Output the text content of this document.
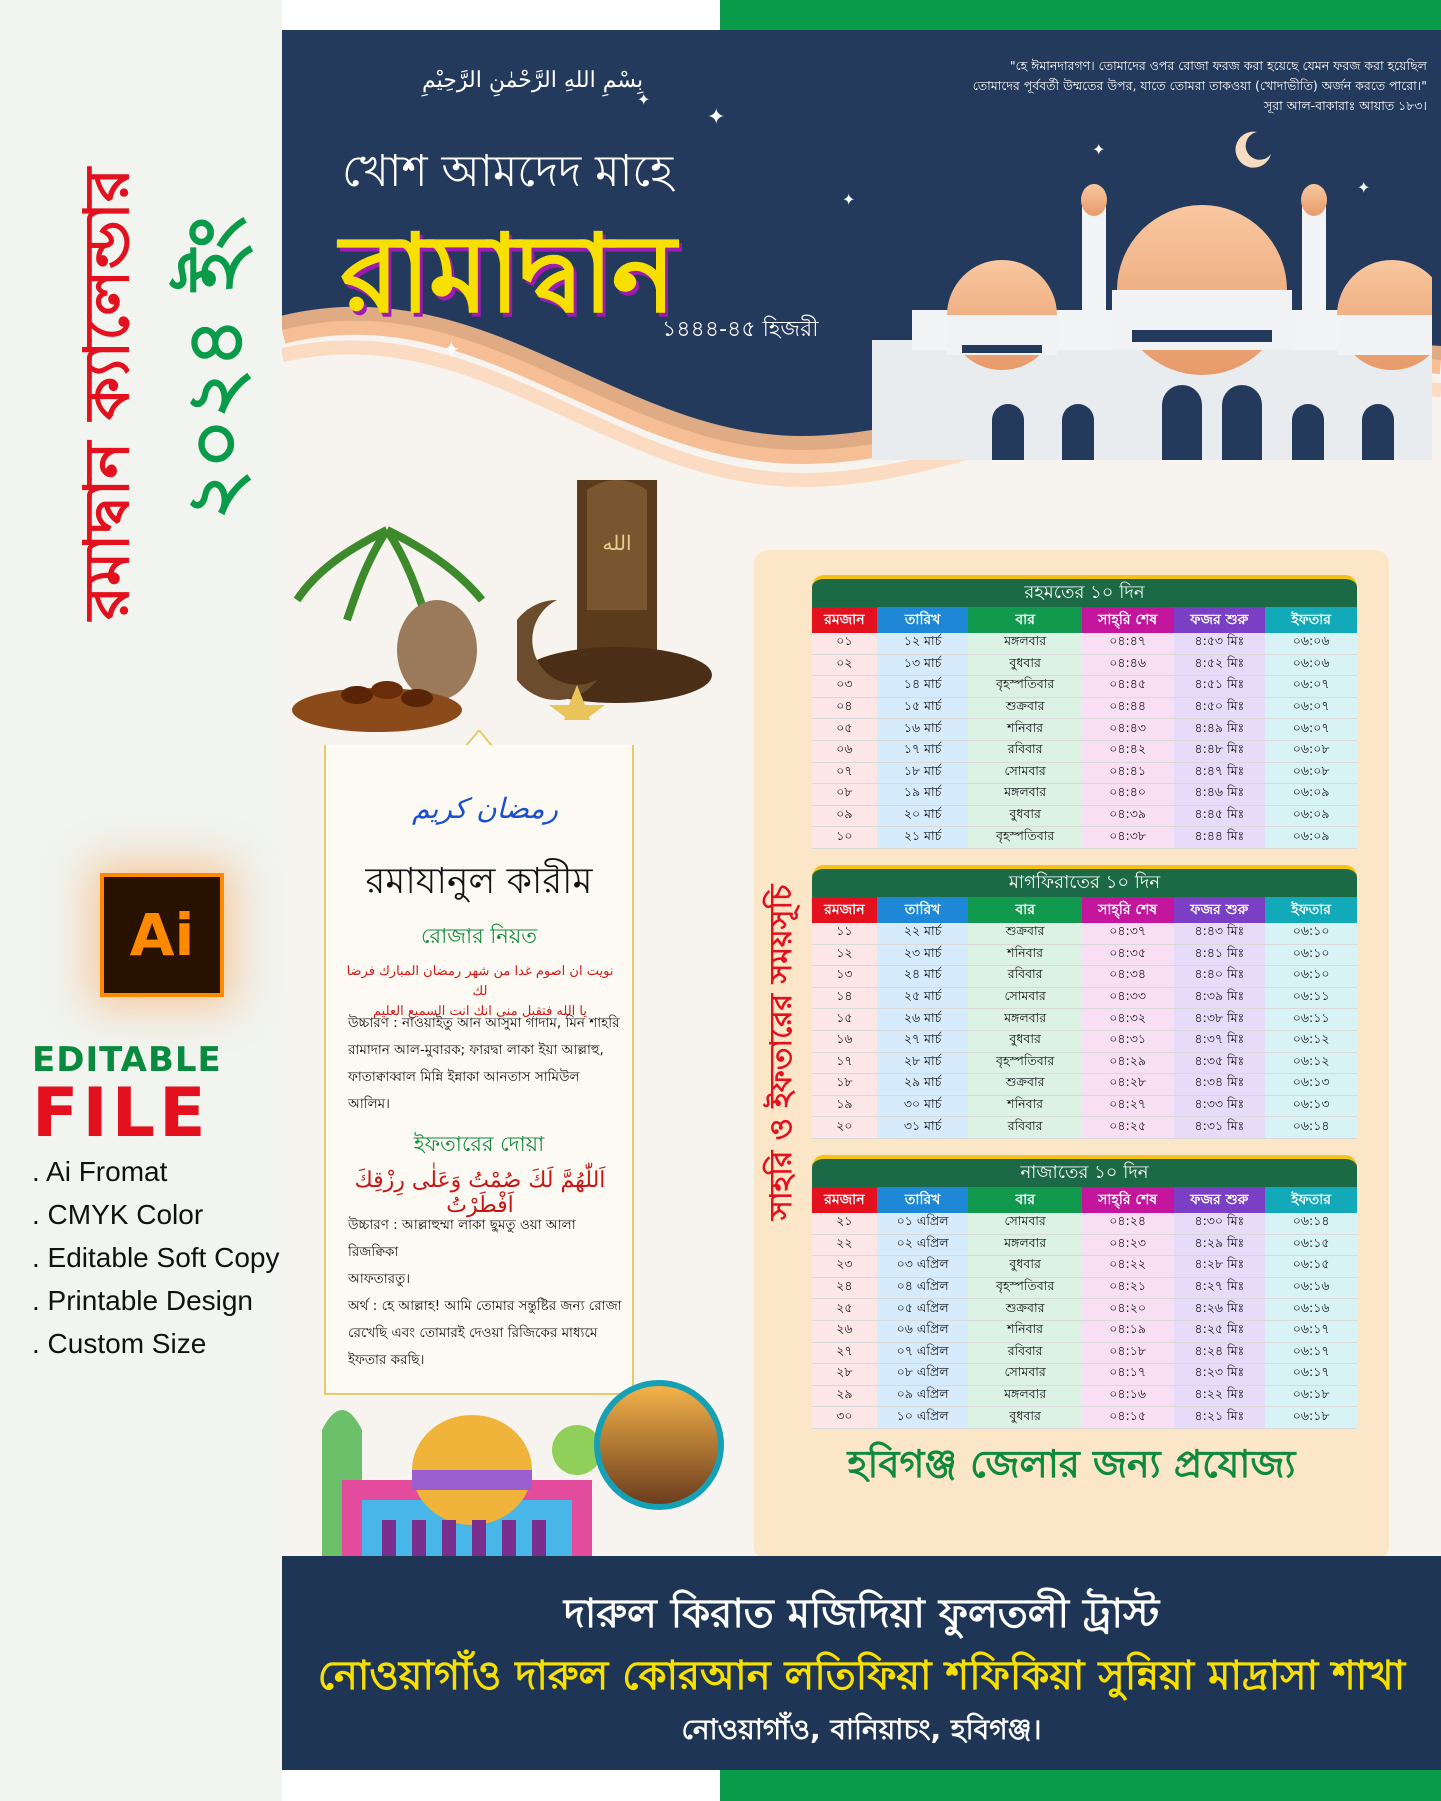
রমাদ্বান ক্যালেন্ডার ২০২৪ ইং
Ai
EDITABLE
FILE
. Ai Fromat
. CMYK Color
. Editable Soft Copy
. Printable Design
. Custom Size
✦
✦
✦
✦
✦
✦
بِسْمِ اللهِ الرَّحْمٰنِ الرَّحِيْمِ
"হে ঈমানদারগণ। তোমাদের ওপর রোজা ফরজ করা হয়েছে যেমন ফরজ করা হয়েছিল
তোমাদের পূর্ববর্তী উম্মতের উপর, যাতে তোমরা তাকওয়া (খোদাভীতি) অর্জন করতে পারো।"
সূরা আল-বাকারাঃ আয়াত ১৮৩।
খোশ আমদেদ মাহে
রামাদ্বান
১৪৪৪-৪৫ হিজরী
الله
رمضان كريم
রমাযানুল কারীম
রোজার নিয়ত
نويت ان اصوم غدا من شهر رمضان المبارك فرضا لك
يا الله فتقبل منى انك انت السميع العليم
উচ্চারণ : নাওয়াইতু আন আসুমা গাদাম, মিন শাহরি
রামাদান আল-মুবারক; ফারদ্বা লাকা ইয়া আল্লাহু,
ফাতাক্বাব্বাল মিন্নি ইন্নাকা আনতাস সামিউল আলিম।
ইফতারের দোয়া
اَللّٰهُمَّ لَكَ صُمْتُ وَعَلٰى رِزْقِكَ اَفْطَرْتُ
উচ্চারণ : আল্লাহুম্মা লাকা ছুমতু ওয়া আলা রিজক্বিকা
আফতারতু।
অর্থ : হে আল্লাহ! আমি তোমার সন্তুষ্টির জন্য রোজা
রেখেছি এবং তোমারই দেওয়া রিজিকের মাধ্যমে
ইফতার করছি।
সাহরি ও ইফতারের সময়সূচি
রহমতের ১০ দিন
রমজান	তারিখ	বার	সাহ্‌রি শেষ	ফজর শুরু	ইফতার
০১	১২ মার্চ	মঙ্গলবার	০৪:৪৭	৪:৫৩ মিঃ	০৬:০৬
০২	১৩ মার্চ	বুধবার	০৪:৪৬	৪:৫২ মিঃ	০৬:০৬
০৩	১৪ মার্চ	বৃহস্পতিবার	০৪:৪৫	৪:৫১ মিঃ	০৬:০৭
০৪	১৫ মার্চ	শুক্রবার	০৪:৪৪	৪:৫০ মিঃ	০৬:০৭
০৫	১৬ মার্চ	শনিবার	০৪:৪৩	৪:৪৯ মিঃ	০৬:০৭
০৬	১৭ মার্চ	রবিবার	০৪:৪২	৪:৪৮ মিঃ	০৬:০৮
০৭	১৮ মার্চ	সোমবার	০৪:৪১	৪:৪৭ মিঃ	০৬:০৮
০৮	১৯ মার্চ	মঙ্গলবার	০৪:৪০	৪:৪৬ মিঃ	০৬:০৯
০৯	২০ মার্চ	বুধবার	০৪:৩৯	৪:৪৫ মিঃ	০৬:০৯
১০	২১ মার্চ	বৃহস্পতিবার	০৪:৩৮	৪:৪৪ মিঃ	০৬:০৯
মাগফিরাতের ১০ দিন
রমজান	তারিখ	বার	সাহ্‌রি শেষ	ফজর শুরু	ইফতার
১১	২২ মার্চ	শুক্রবার	০৪:৩৭	৪:৪৩ মিঃ	০৬:১০
১২	২৩ মার্চ	শনিবার	০৪:৩৫	৪:৪১ মিঃ	০৬:১০
১৩	২৪ মার্চ	রবিবার	০৪:৩৪	৪:৪০ মিঃ	০৬:১০
১৪	২৫ মার্চ	সোমবার	০৪:৩৩	৪:৩৯ মিঃ	০৬:১১
১৫	২৬ মার্চ	মঙ্গলবার	০৪:৩২	৪:৩৮ মিঃ	০৬:১১
১৬	২৭ মার্চ	বুধবার	০৪:৩১	৪:৩৭ মিঃ	০৬:১২
১৭	২৮ মার্চ	বৃহস্পতিবার	০৪:২৯	৪:৩৫ মিঃ	০৬:১২
১৮	২৯ মার্চ	শুক্রবার	০৪:২৮	৪:৩৪ মিঃ	০৬:১৩
১৯	৩০ মার্চ	শনিবার	০৪:২৭	৪:৩৩ মিঃ	০৬:১৩
২০	৩১ মার্চ	রবিবার	০৪:২৫	৪:৩১ মিঃ	০৬:১৪
নাজাতের ১০ দিন
রমজান	তারিখ	বার	সাহ্‌রি শেষ	ফজর শুরু	ইফতার
২১	০১ এপ্রিল	সোমবার	০৪:২৪	৪:৩০ মিঃ	০৬:১৪
২২	০২ এপ্রিল	মঙ্গলবার	০৪:২৩	৪:২৯ মিঃ	০৬:১৫
২৩	০৩ এপ্রিল	বুধবার	০৪:২২	৪:২৮ মিঃ	০৬:১৫
২৪	০৪ এপ্রিল	বৃহস্পতিবার	০৪:২১	৪:২৭ মিঃ	০৬:১৬
২৫	০৫ এপ্রিল	শুক্রবার	০৪:২০	৪:২৬ মিঃ	০৬:১৬
২৬	০৬ এপ্রিল	শনিবার	০৪:১৯	৪:২৫ মিঃ	০৬:১৭
২৭	০৭ এপ্রিল	রবিবার	০৪:১৮	৪:২৪ মিঃ	০৬:১৭
২৮	০৮ এপ্রিল	সোমবার	০৪:১৭	৪:২৩ মিঃ	০৬:১৭
২৯	০৯ এপ্রিল	মঙ্গলবার	০৪:১৬	৪:২২ মিঃ	০৬:১৮
৩০	১০ এপ্রিল	বুধবার	০৪:১৫	৪:২১ মিঃ	০৬:১৮
হবিগঞ্জ জেলার জন্য প্রযোজ্য
দারুল কিরাত মজিদিয়া ফুলতলী ট্রাস্ট
নোওয়াগাঁও দারুল কোরআন লতিফিয়া শফিকিয়া সুন্নিয়া মাদ্রাসা শাখা
নোওয়াগাঁও, বানিয়াচং, হবিগঞ্জ।
